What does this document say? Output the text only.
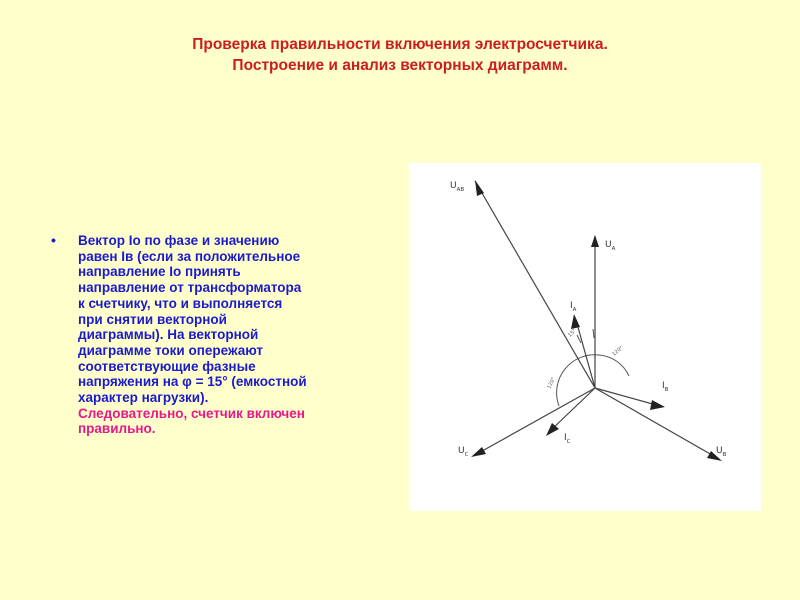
Проверка правильности включения электросчетчика.
Построение и анализ векторных диаграмм.
• Вектор Iо по фазе и значению
равен Iв (если за положительное
направление Iо принять
направление от трансформатора
к счетчику, что и выполняется
при снятии векторной
диаграммы). На векторной
диаграмме токи опережают
соответствующие фазные
напряжения на φ = 15° (емкостной
характер нагрузки).
Следовательно, счетчик включен
правильно.
UAB
UA
IA
IB
UB
IC
UC
15°
120°
120°
